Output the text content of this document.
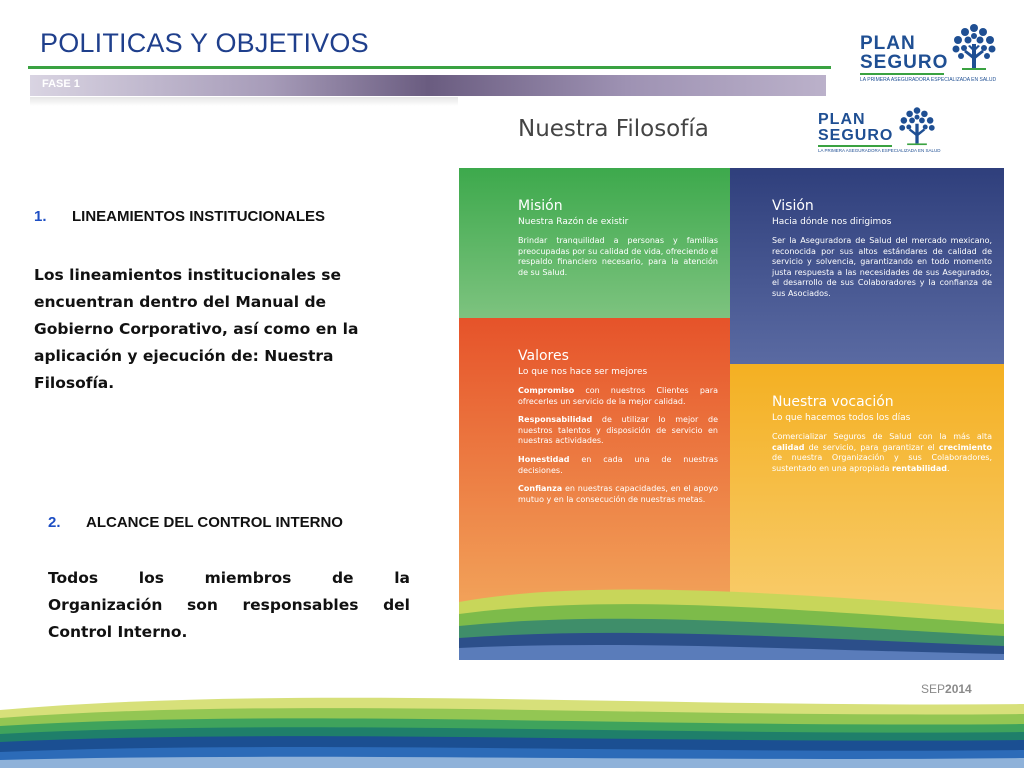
POLITICAS Y OBJETIVOS
FASE 1
PLAN
SEGURO
LA PRIMERA ASEGURADORA ESPECIALIZADA EN SALUD
1. LINEAMIENTOS INSTITUCIONALES
Los lineamientos institucionales se encuentran dentro del Manual de Gobierno Corporativo, así como en la aplicación y ejecución de: Nuestra Filosofía.
2. ALCANCE DEL CONTROL INTERNO
Todos	los	miembros	de	la
Organización son responsables del Control Interno.
Nuestra Filosofía	PLAN
SEGURO
LA PRIMERA ASEGURADORA ESPECIALIZADA EN SALUD
Misión
Nuestra Razón de existir
Brindar tranquilidad a personas y familias preocupadas por su calidad de vida, ofreciendo el respaldo financiero necesario, para la atención de su Salud.
Visión
Hacia dónde nos dirigimos
Ser la Aseguradora de Salud del mercado mexicano, reconocida por sus altos estándares de calidad de servicio y solvencia, garantizando en todo momento justa respuesta a las necesidades de sus Asegurados, el desarrollo de sus Colaboradores y la confianza de sus Asociados.
Valores
Lo que nos hace ser mejores

Compromiso con nuestros Clientes para ofrecerles un servicio de la mejor calidad.

Responsabilidad de utilizar lo mejor de nuestros talentos y disposición de servicio en nuestras actividades.

Honestidad en cada una de nuestras decisiones.

Confianza en nuestras capacidades, en el apoyo mutuo y en la consecución de nuestras metas.

Nuestra vocación
Lo que hacemos todos los días
Comercializar Seguros de Salud con la más alta calidad de servicio, para garantizar el crecimiento de nuestra Organización y sus Colaboradores, sustentado en una apropiada rentabilidad.
SEP2014
